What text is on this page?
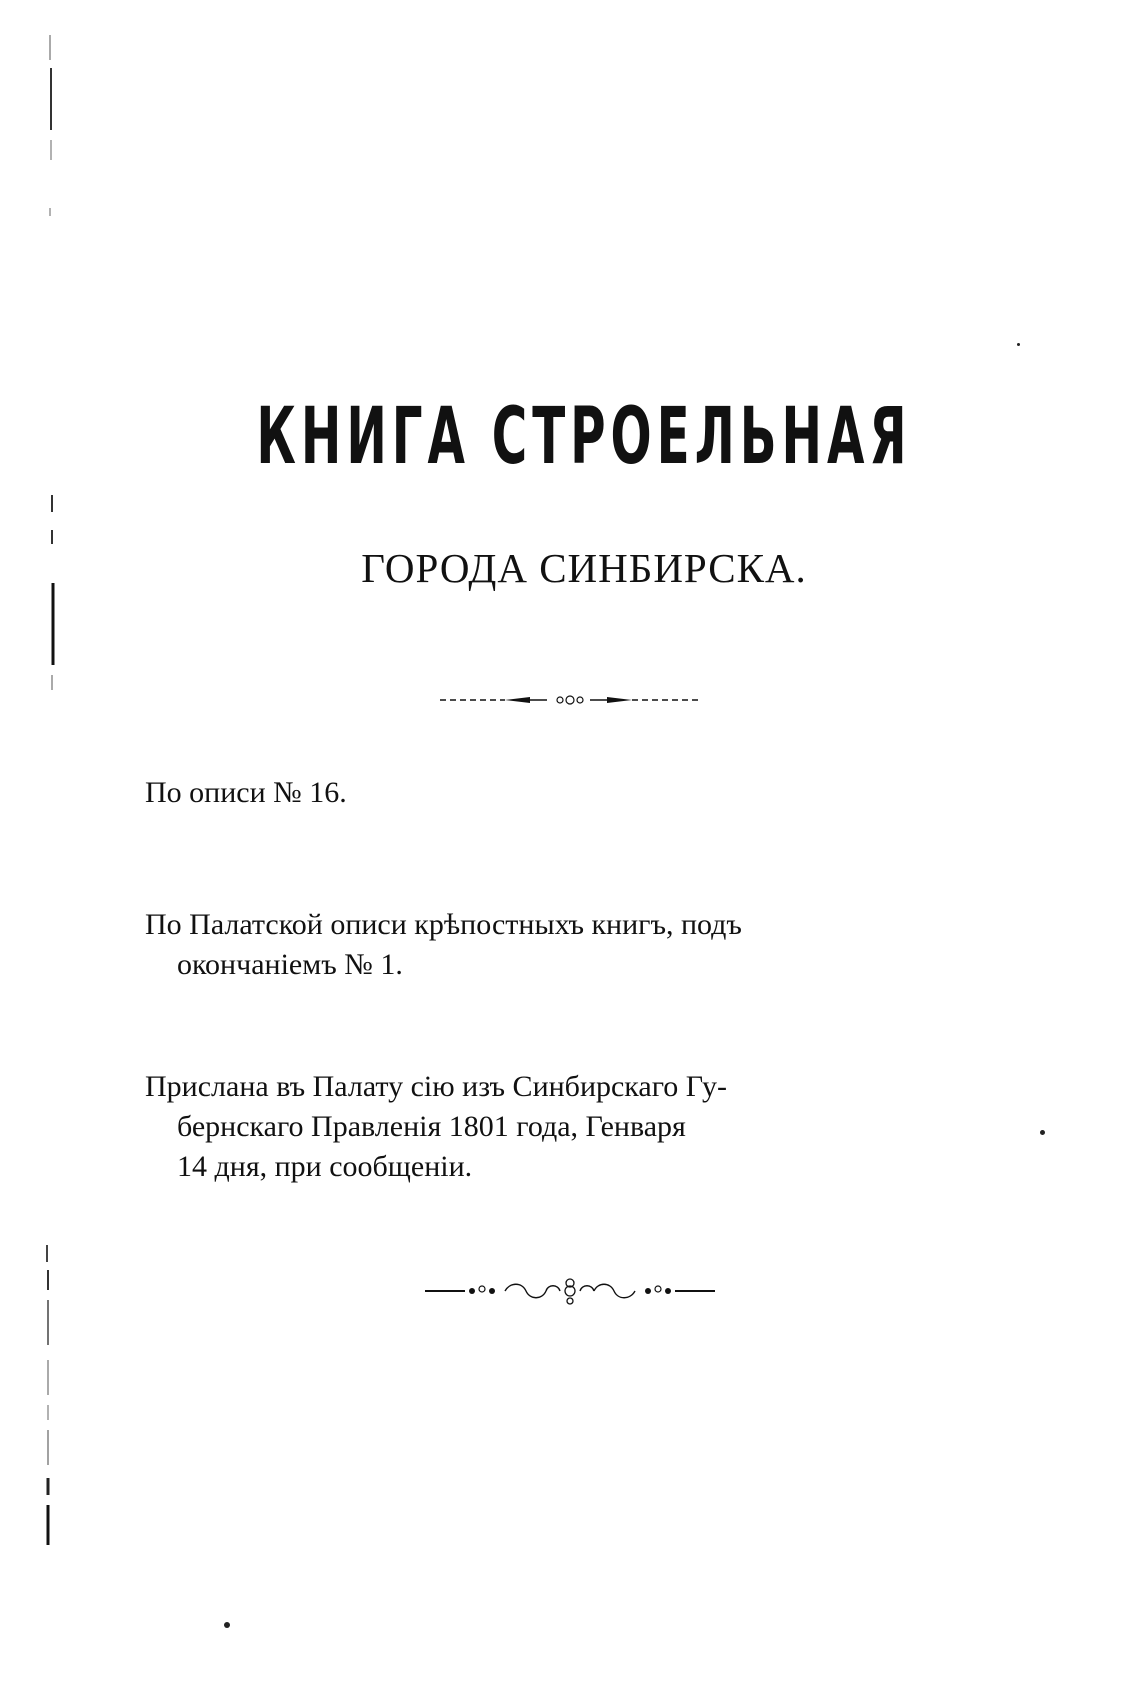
КНИГА СТРОЕЛЬНАЯ
ГОРОДА СИНБИРСКА.
По описи № 16.
По Палатской описи крѣпостныхъ книгъ, подъ
окончанiемъ № 1.
Прислана въ Палату сiю изъ Синбирскаго Гу-
бернскаго Правленiя 1801 года, Генваря
14 дня, при сообщенiи.
